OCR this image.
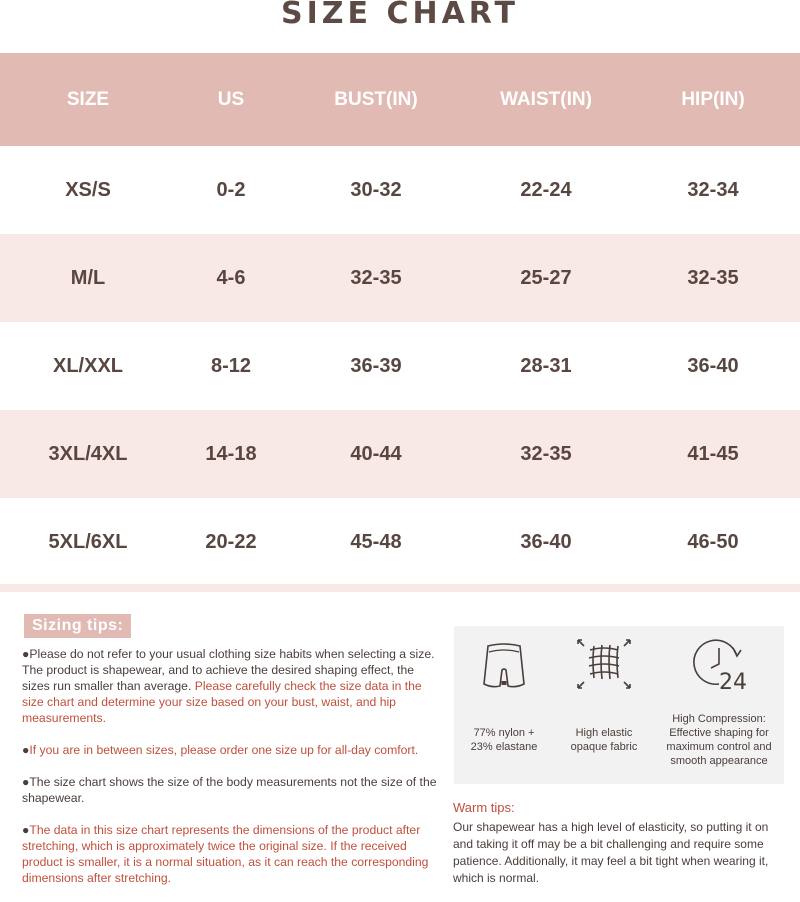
SIZE CHART
SIZE	US	BUST(IN)	WAIST(IN)	HIP(IN)
XS/S	0-2	30-32	22-24	32-34
M/L	4-6	32-35	25-27	32-35
XL/XXL	8-12	36-39	28-31	36-40
3XL/4XL	14-18	40-44	32-35	41-45
5XL/6XL	20-22	45-48	36-40	46-50
Sizing tips:

●Please do not refer to your usual clothing size habits when selecting a size. The product is shapewear, and to achieve the desired shaping effect, the sizes run smaller than average. Please carefully check the size data in the size chart and determine your size based on your bust, waist, and hip measurements.

●If you are in between sizes, please order one size up for all-day comfort.

●The size chart shows the size of the body measurements not the size of the shapewear.

●The data in this size chart represents the dimensions of the product after stretching, which is approximately twice the original size. If the received product is smaller, it is a normal situation, as it can reach the corresponding dimensions after stretching.

77% nylon +
23% elastane
High elastic
opaque fabric
24
High Compression:
Effective shaping for
maximum control and
smooth appearance
Warm tips:
Our shapewear has a high level of elasticity, so putting it on and taking it off may be a bit challenging and require some patience. Additionally, it may feel a bit tight when wearing it, which is normal.
